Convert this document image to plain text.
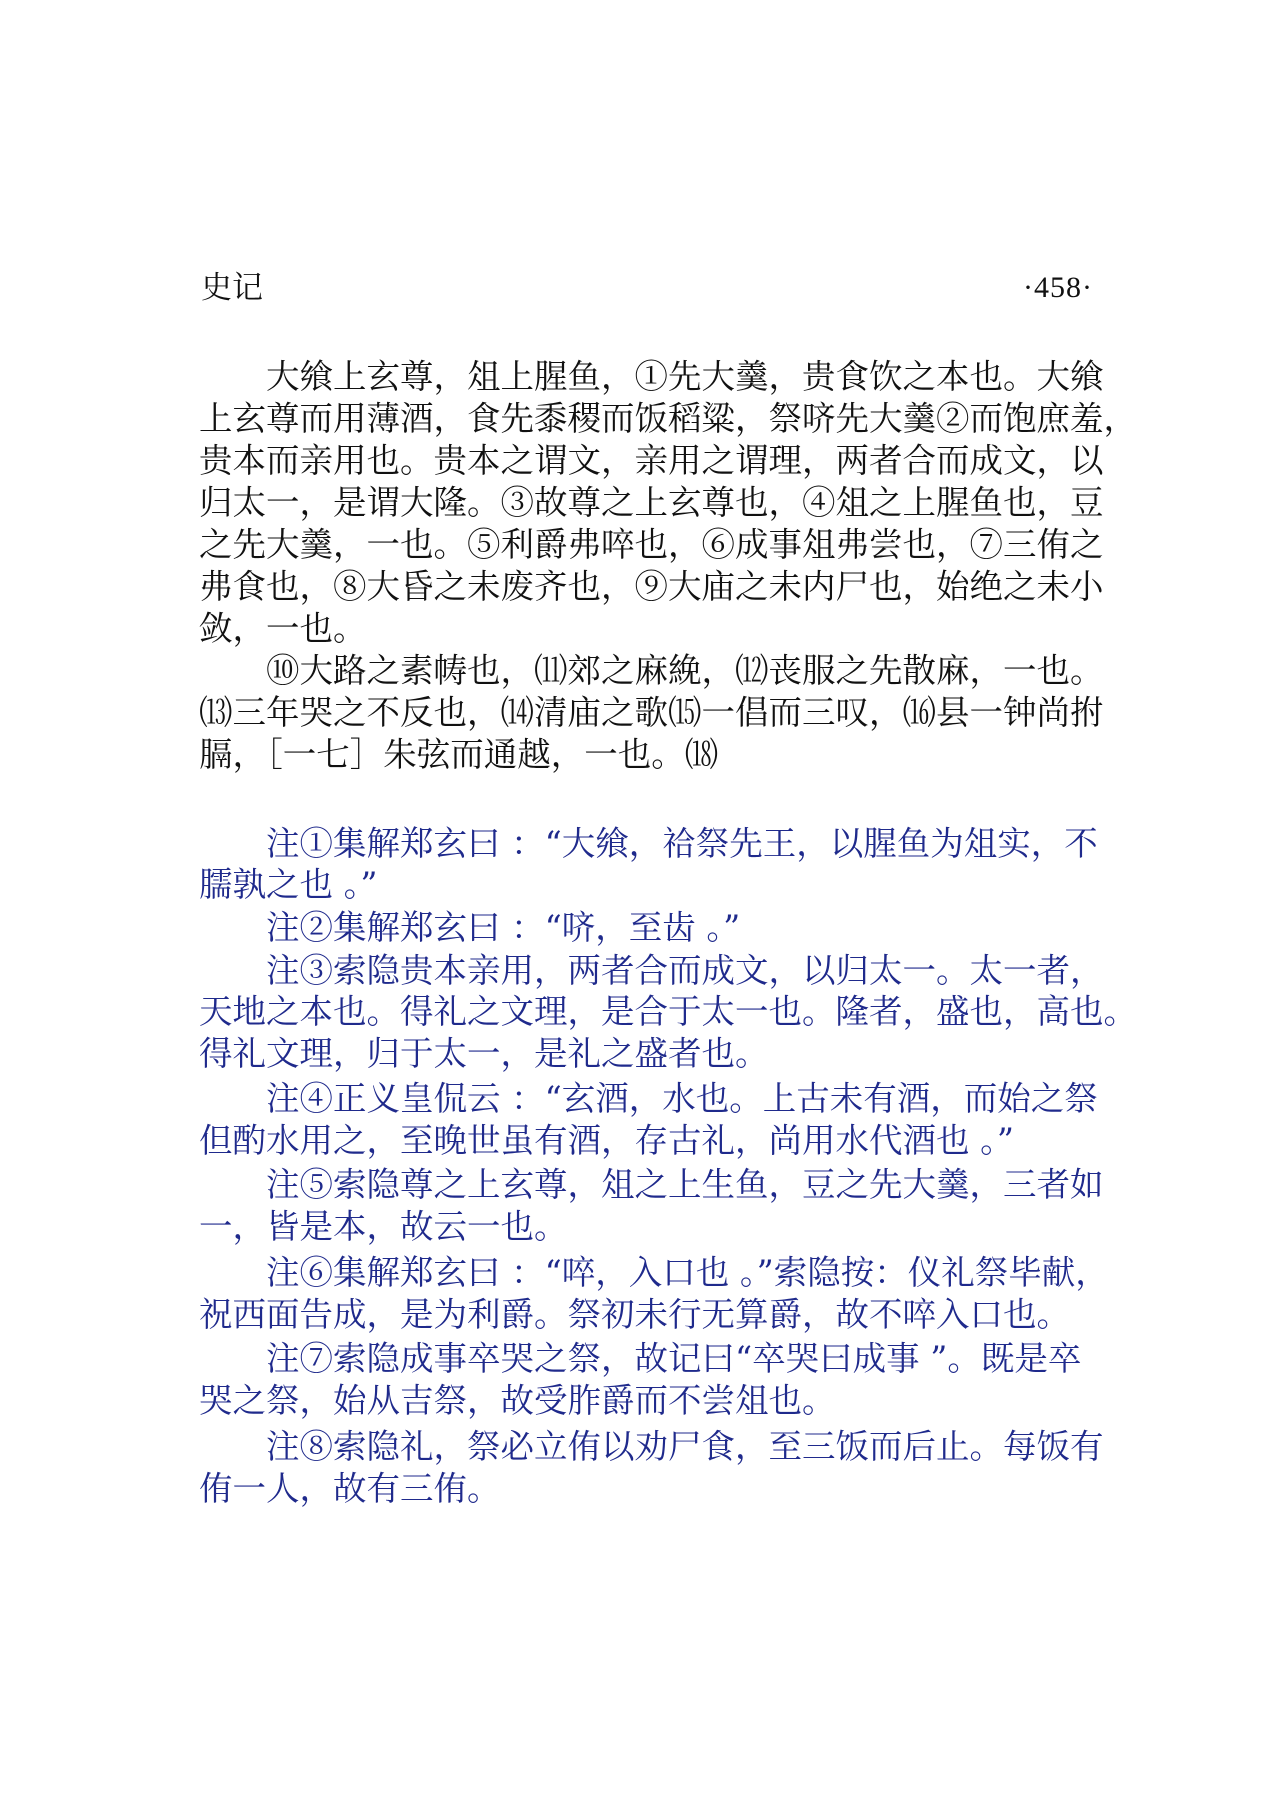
史记	·458·
　　大飨上玄尊，俎上腥鱼，①先大羹，贵食饮之本也。大飨
上玄尊而用薄酒，食先黍稷而饭稻粱，祭哜先大羹②而饱庶羞，
贵本而亲用也。贵本之谓文，亲用之谓理，两者合而成文，以
归太一，是谓大隆。③故尊之上玄尊也，④俎之上腥鱼也，豆
之先大羹，一也。⑤利爵弗啐也，⑥成事俎弗尝也，⑦三侑之
弗食也，⑧大昏之未废齐也，⑨大庙之未内尸也，始绝之未小
敛，一也。
　　⑩大路之素帱也，⑾郊之麻絻，⑿丧服之先散麻，一也。
⒀三年哭之不反也，⒁清庙之歌⒂一倡而三叹，⒃县一钟尚拊
膈，［一七］朱弦而通越，一也。⒅
　　注①集解郑玄曰 ：“大飨，祫祭先王，以腥鱼为俎实，不
臑孰之也 。”
　　注②集解郑玄曰 ：“哜，至齿 。”
　　注③索隐贵本亲用，两者合而成文，以归太一。太一者，
天地之本也。得礼之文理，是合于太一也。隆者，盛也，高也。
得礼文理，归于太一，是礼之盛者也。
　　注④正义皇侃云 ：“玄酒，水也。上古未有酒，而始之祭
但酌水用之，至晚世虽有酒，存古礼，尚用水代酒也 。”
　　注⑤索隐尊之上玄尊，俎之上生鱼，豆之先大羹，三者如
一，皆是本，故云一也。
　　注⑥集解郑玄曰 ：“啐，入口也 。”索隐按：仪礼祭毕献，
祝西面告成，是为利爵。祭初未行无算爵，故不啐入口也。
　　注⑦索隐成事卒哭之祭，故记曰“卒哭曰成事 ”。既是卒
哭之祭，始从吉祭，故受胙爵而不尝俎也。
　　注⑧索隐礼，祭必立侑以劝尸食，至三饭而后止。每饭有
侑一人，故有三侑。
